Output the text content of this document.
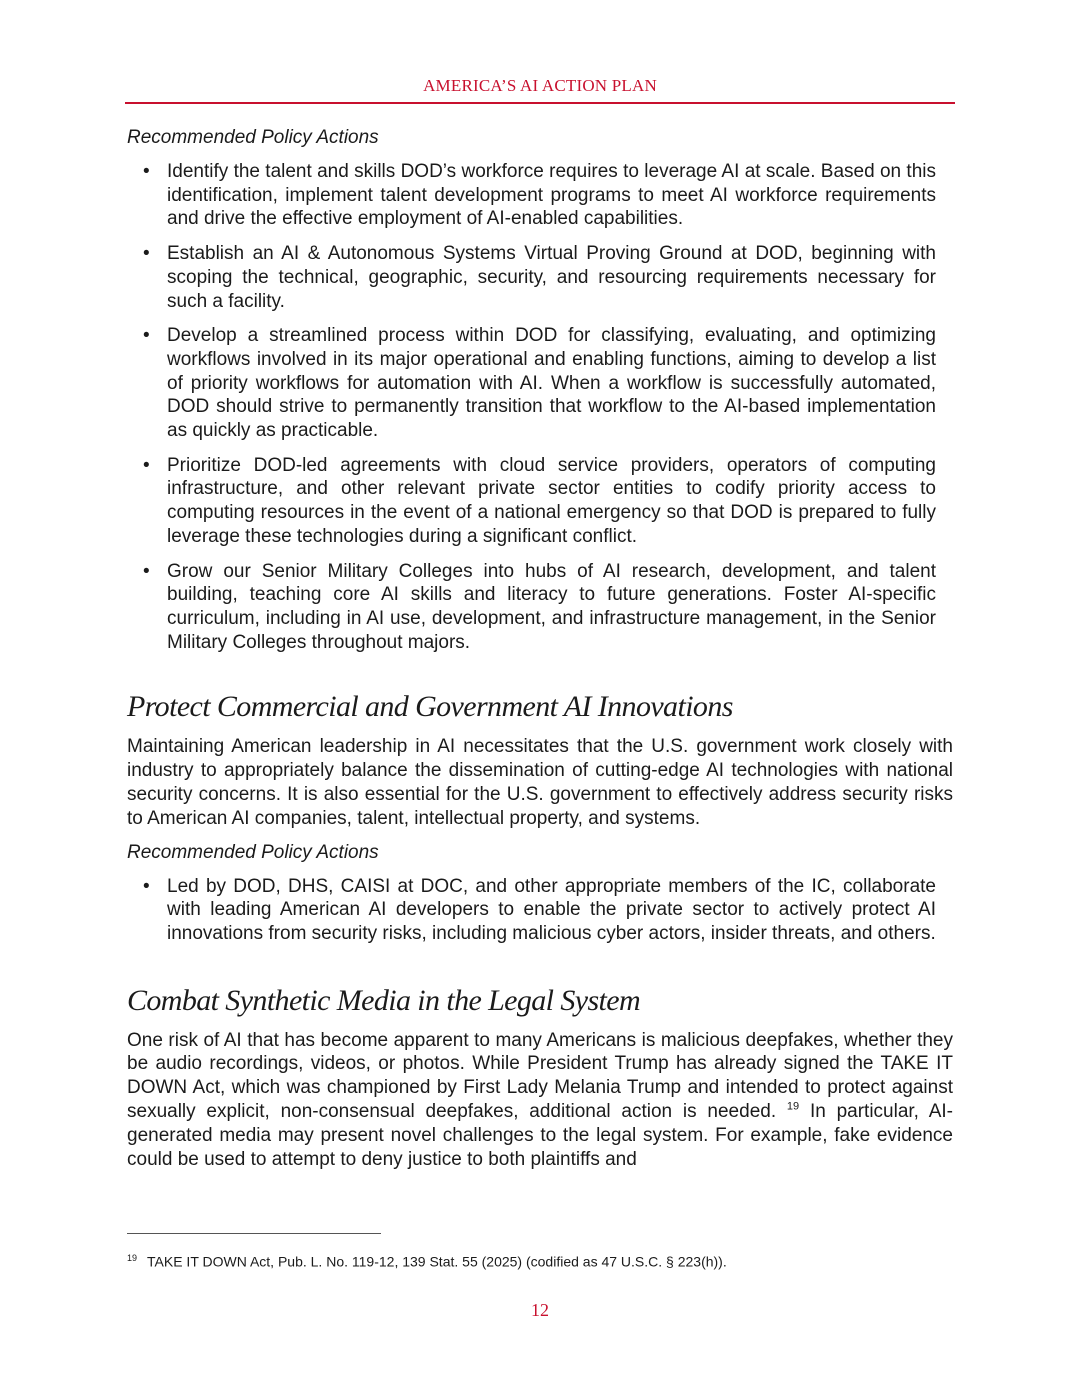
AMERICA’S AI ACTION PLAN
Recommended Policy Actions
• Identify the talent and skills DOD’s workforce requires to leverage AI at scale. Based on this identification, implement talent development programs to meet AI workforce requirements and drive the effective employment of AI-enabled capabilities.
• Establish an AI & Autonomous Systems Virtual Proving Ground at DOD, beginning with scoping the technical, geographic, security, and resourcing requirements necessary for such a facility.
• Develop a streamlined process within DOD for classifying, evaluating, and optimizing workflows involved in its major operational and enabling functions, aiming to develop a list of priority workflows for automation with AI. When a workflow is successfully automated, DOD should strive to permanently transition that workflow to the AI-based implementation as quickly as practicable.
• Prioritize DOD-led agreements with cloud service providers, operators of computing infrastructure, and other relevant private sector entities to codify priority access to computing resources in the event of a national emergency so that DOD is prepared to fully leverage these technologies during a significant conflict.
• Grow our Senior Military Colleges into hubs of AI research, development, and talent building, teaching core AI skills and literacy to future generations. Foster AI-specific curriculum, including in AI use, development, and infrastructure management, in the Senior Military Colleges throughout majors.
Protect Commercial and Government AI Innovations
Maintaining American leadership in AI necessitates that the U.S. government work closely with industry to appropriately balance the dissemination of cutting-edge AI technologies with national security concerns. It is also essential for the U.S. government to effectively address security risks to American AI companies, talent, intellectual property, and systems.
Recommended Policy Actions
• Led by DOD, DHS, CAISI at DOC, and other appropriate members of the IC, collaborate with leading American AI developers to enable the private sector to actively protect AI innovations from security risks, including malicious cyber actors, insider threats, and others.
Combat Synthetic Media in the Legal System
One risk of AI that has become apparent to many Americans is malicious deepfakes, whether they be audio recordings, videos, or photos. While President Trump has already signed the TAKE IT DOWN Act, which was championed by First Lady Melania Trump and intended to protect against sexually explicit, non-consensual deepfakes, additional action is needed. $^{19}$ In particular, AI-generated media may present novel challenges to the legal system. For example, fake evidence could be used to attempt to deny justice to both plaintiffs and
$^{19}$ TAKE IT DOWN Act, Pub. L. No. 119-12, 139 Stat. 55 (2025) (codified as 47 U.S.C. § 223(h)).
12
